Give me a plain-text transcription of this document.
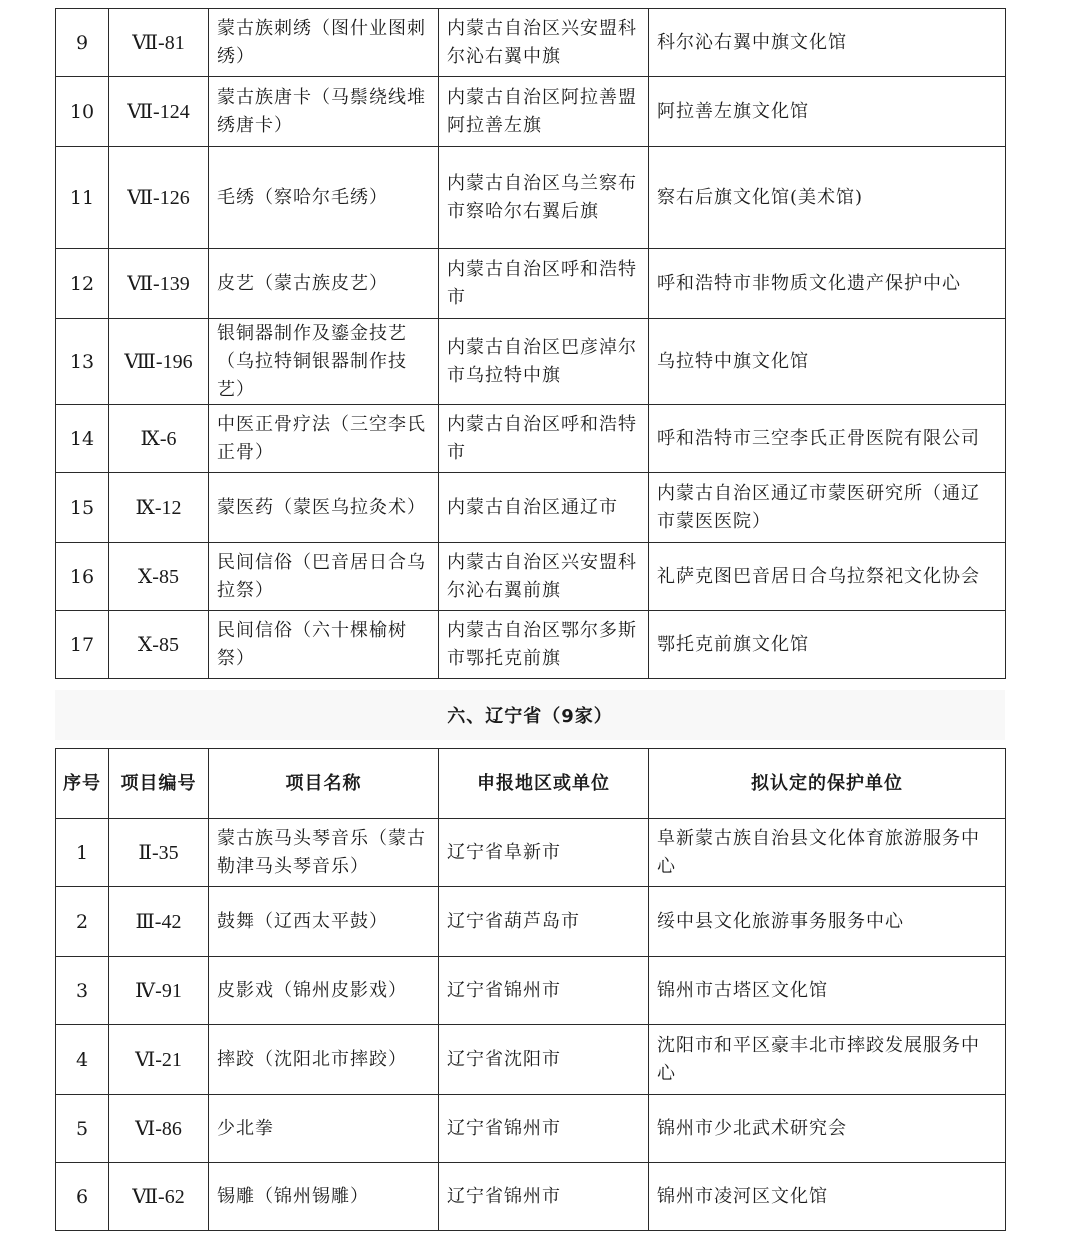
9	Ⅶ-81	蒙古族刺绣（图什业图刺绣）	内蒙古自治区兴安盟科尔沁右翼中旗	科尔沁右翼中旗文化馆
10	Ⅶ-124	蒙古族唐卡（马鬃绕线堆绣唐卡）	内蒙古自治区阿拉善盟阿拉善左旗	阿拉善左旗文化馆
11	Ⅶ-126	毛绣（察哈尔毛绣）	内蒙古自治区乌兰察布市察哈尔右翼后旗	察右后旗文化馆(美术馆)
12	Ⅶ-139	皮艺（蒙古族皮艺）	内蒙古自治区呼和浩特市	呼和浩特市非物质文化遗产保护中心
13	Ⅷ-196	银铜器制作及鎏金技艺（乌拉特铜银器制作技艺）	内蒙古自治区巴彦淖尔市乌拉特中旗	乌拉特中旗文化馆
14	Ⅸ-6	中医正骨疗法（三空李氏正骨）	内蒙古自治区呼和浩特市	呼和浩特市三空李氏正骨医院有限公司
15	Ⅸ-12	蒙医药（蒙医乌拉灸术）	内蒙古自治区通辽市	内蒙古自治区通辽市蒙医研究所（通辽市蒙医医院）
16	Ⅹ-85	民间信俗（巴音居日合乌拉祭）	内蒙古自治区兴安盟科尔沁右翼前旗	礼萨克图巴音居日合乌拉祭祀文化协会
17	Ⅹ-85	民间信俗（六十棵榆树祭）	内蒙古自治区鄂尔多斯市鄂托克前旗	鄂托克前旗文化馆
六、辽宁省（9家）
序号	项目编号	项目名称	申报地区或单位	拟认定的保护单位
1	Ⅱ-35	蒙古族马头琴音乐（蒙古勒津马头琴音乐）	辽宁省阜新市	阜新蒙古族自治县文化体育旅游服务中心
2	Ⅲ-42	鼓舞（辽西太平鼓）	辽宁省葫芦岛市	绥中县文化旅游事务服务中心
3	Ⅳ-91	皮影戏（锦州皮影戏）	辽宁省锦州市	锦州市古塔区文化馆
4	Ⅵ-21	摔跤（沈阳北市摔跤）	辽宁省沈阳市	沈阳市和平区豪丰北市摔跤发展服务中心
5	Ⅵ-86	少北拳	辽宁省锦州市	锦州市少北武术研究会
6	Ⅶ-62	锡雕（锦州锡雕）	辽宁省锦州市	锦州市凌河区文化馆
